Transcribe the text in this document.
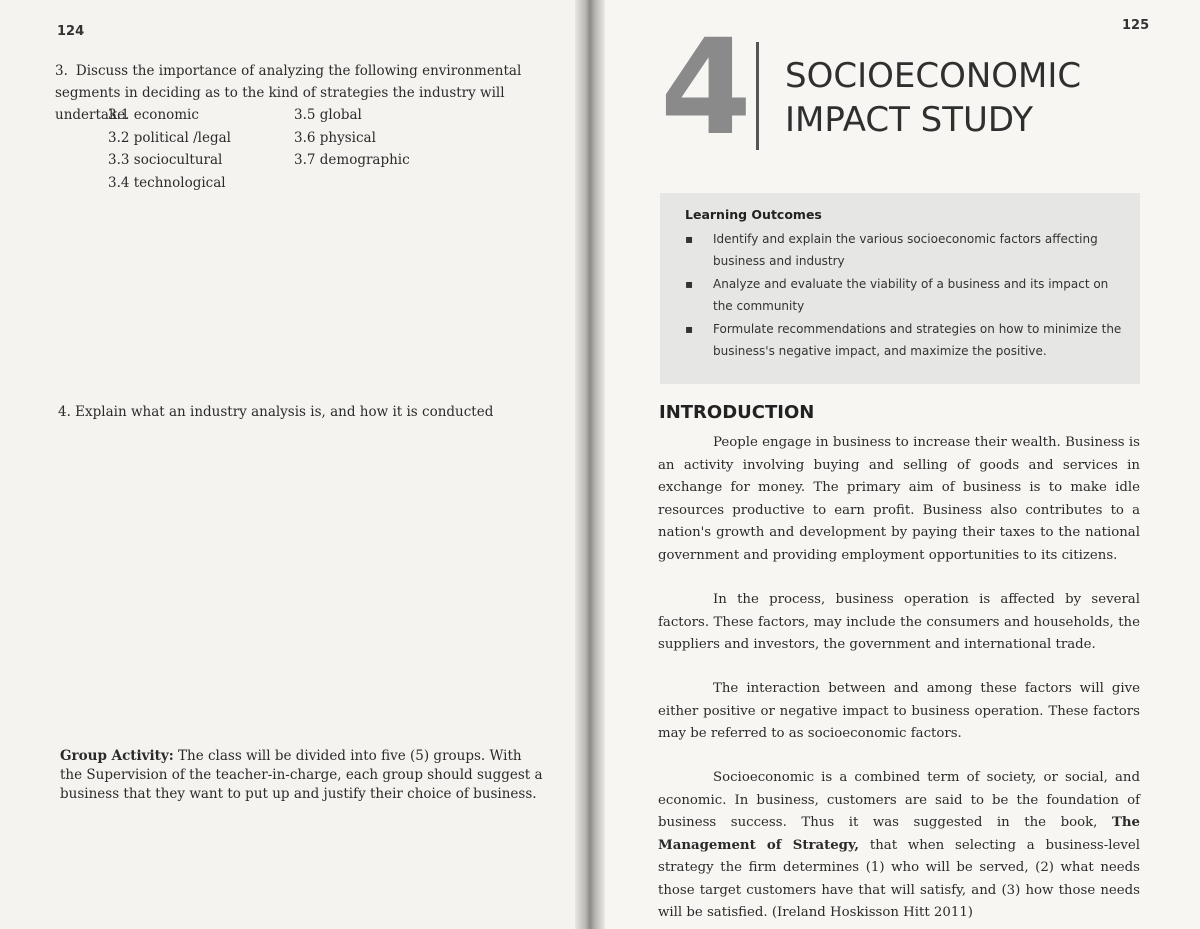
124
3. Discuss the importance of analyzing the following environmental segments in deciding as to the kind of strategies the industry will undertake.
3.1 economic
3.2 political /legal
3.3 sociocultural
3.4 technological
3.5 global
3.6 physical
3.7 demographic
4. Explain what an industry analysis is, and how it is conducted
Group Activity: The class will be divided into five (5) groups. With the Supervision of the teacher-in-charge, each group should suggest a business that they want to put up and justify their choice of business.
125
4 SOCIOECONOMIC
IMPACT STUDY
Learning Outcomes
▪ Identify and explain the various socioeconomic factors affecting business and industry
▪ Analyze and evaluate the viability of a business and its impact on the community
▪ Formulate recommendations and strategies on how to minimize the business's negative impact, and maximize the positive.
INTRODUCTION
People engage in business to increase their wealth. Business is an activity involving buying and selling of goods and services in exchange for money. The primary aim of business is to make idle resources productive to earn profit. Business also contributes to a nation's growth and development by paying their taxes to the national government and providing employment opportunities to its citizens.
In the process, business operation is affected by several factors. These factors, may include the consumers and households, the suppliers and investors, the government and international trade.
The interaction between and among these factors will give either positive or negative impact to business operation. These factors may be referred to as socioeconomic factors.
Socioeconomic is a combined term of society, or social, and economic. In business, customers are said to be the foundation of business success. Thus it was suggested in the book, The Management of Strategy, that when selecting a business-level strategy the firm determines (1) who will be served, (2) what needs those target customers have that will satisfy, and (3) how those needs will be satisfied. (Ireland Hoskisson Hitt 2011)
